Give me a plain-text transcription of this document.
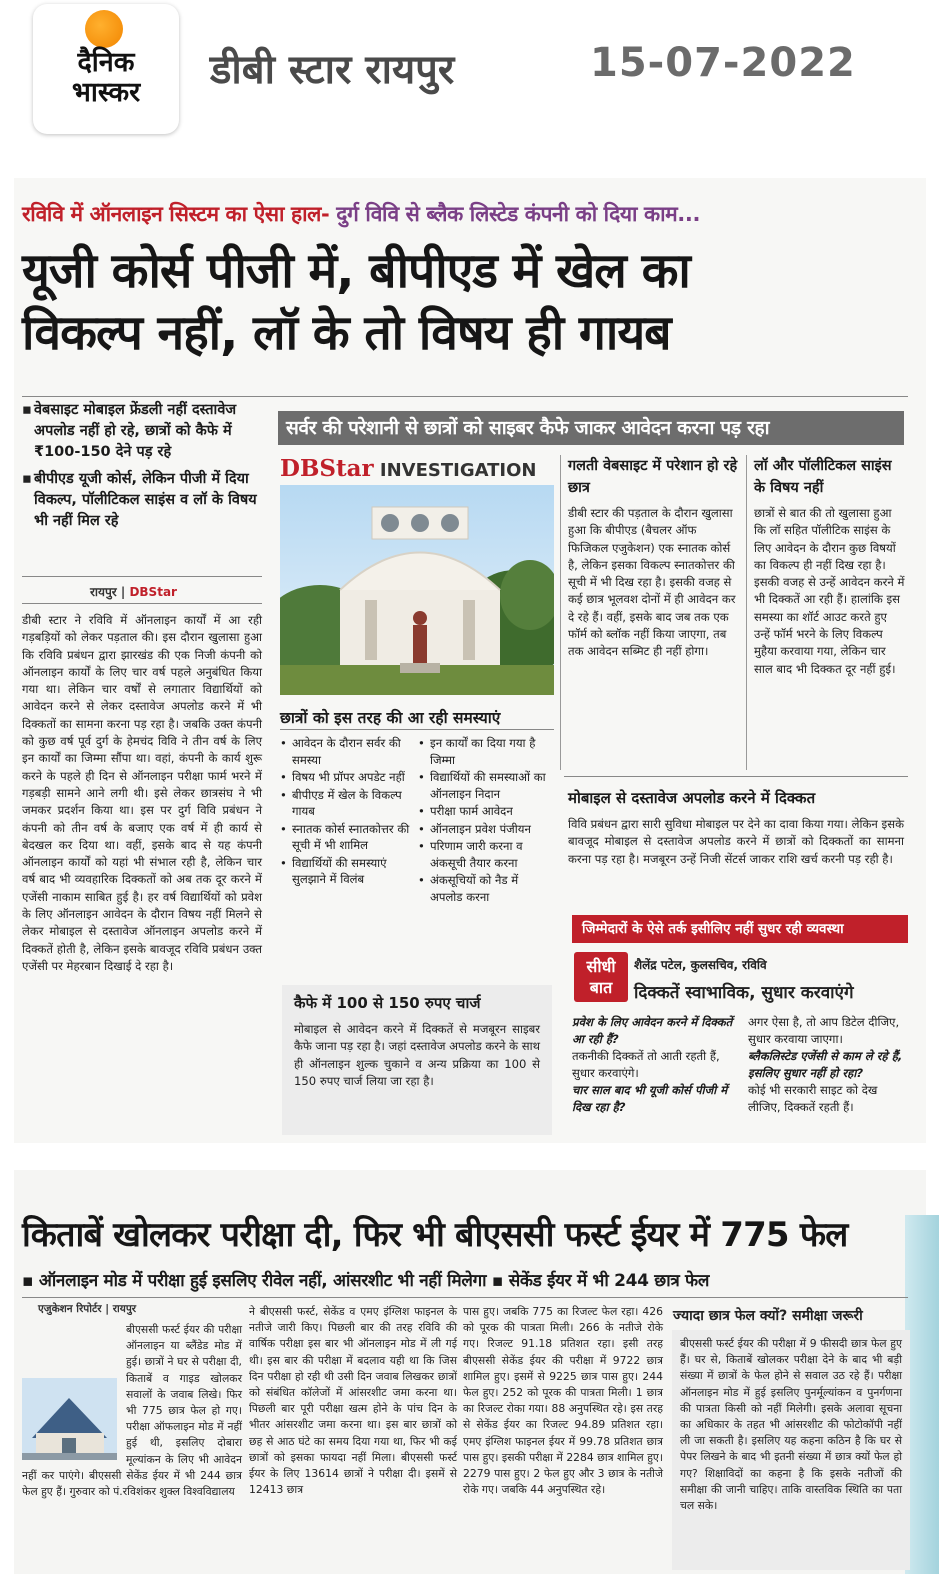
दैनिक
भास्कर	डीबी स्टार रायपुर	15-07-2022
रविवि में ऑनलाइन सिस्टम का ऐसा हाल- दुर्ग विवि से ब्लैक लिस्टेड कंपनी को दिया काम...
यूजी कोर्स पीजी में, बीपीएड में खेल का
विकल्प नहीं, लॉ के तो विषय ही गायब
▪ वेबसाइट मोबाइल फ्रेंडली नहीं दस्तावेज अपलोड नहीं हो रहे, छात्रों को कैफे में ₹100-150 देने पड़ रहे
▪ बीपीएड यूजी कोर्स, लेकिन पीजी में दिया विकल्प, पॉलीटिकल साइंस व लॉ के विषय भी नहीं मिल रहे
रायपुर | DBStar
डीबी स्टार ने रविवि में ऑनलाइन कार्यों में आ रही गड़बड़ियों को लेकर पड़ताल की। इस दौरान खुलासा हुआ कि रविवि प्रबंधन द्वारा झारखंड की एक निजी कंपनी को ऑनलाइन कार्यों के लिए चार वर्ष पहले अनुबंधित किया गया था। लेकिन चार वर्षों से लगातार विद्यार्थियों को आवेदन करने से लेकर दस्तावेज अपलोड करने में भी दिक्कतों का सामना करना पड़ रहा है। जबकि उक्त कंपनी को कुछ वर्ष पूर्व दुर्ग के हेमचंद विवि ने तीन वर्ष के लिए इन कार्यों का जिम्मा सौंपा था। वहां, कंपनी के कार्य शुरू करने के पहले ही दिन से ऑनलाइन परीक्षा फार्म भरने में गड़बड़ी सामने आने लगी थी। इसे लेकर छात्रसंघ ने भी जमकर प्रदर्शन किया था। इस पर दुर्ग विवि प्रबंधन ने कंपनी को तीन वर्ष के बजाए एक वर्ष में ही कार्य से बेदखल कर दिया था। वहीं, इसके बाद से यह कंपनी ऑनलाइन कार्यों को यहां भी संभाल रही है, लेकिन चार वर्ष बाद भी व्यवहारिक दिक्कतों को अब तक दूर करने में एजेंसी नाकाम साबित हुई है। हर वर्ष विद्यार्थियों को प्रवेश के लिए ऑनलाइन आवेदन के दौरान विषय नहीं मिलने से लेकर मोबाइल से दस्तावेज ऑनलाइन अपलोड करने में दिक्कतें होती है, लेकिन इसके बावजूद रविवि प्रबंधन उक्त एजेंसी पर मेहरबान दिखाई दे रहा है।
सर्वर की परेशानी से छात्रों को साइबर कैफे जाकर आवेदन करना पड़ रहा
DBStar INVESTIGATION
छात्रों को इस तरह की आ रही समस्याएं
• आवेदन के दौरान सर्वर की समस्या
• विषय भी प्रॉपर अपडेट नहीं
• बीपीएड में खेल के विकल्प गायब
• स्नातक कोर्स स्नातकोत्तर की सूची में भी शामिल
• विद्यार्थियों की समस्याएं सुलझाने में विलंब
• इन कार्यों का दिया गया है जिम्मा
• विद्यार्थियों की समस्याओं का ऑनलाइन निदान
• परीक्षा फार्म आवेदन
• ऑनलाइन प्रवेश पंजीयन
• परिणाम जारी करना व अंकसूची तैयार करना
• अंकसूचियों को नैड में अपलोड करना
कैफे में 100 से 150 रुपए चार्ज
मोबाइल से आवेदन करने में दिक्कतें से मजबूरन साइबर कैफे जाना पड़ रहा है। जहां दस्तावेज अपलोड करने के साथ ही ऑनलाइन शुल्क चुकाने व अन्य प्रक्रिया का 100 से 150 रुपए चार्ज लिया जा रहा है।
गलती वेबसाइट में परेशान हो रहे छात्र
डीबी स्टार की पड़ताल के दौरान खुलासा हुआ कि बीपीएड (बैचलर ऑफ फिजिकल एजुकेशन) एक स्नातक कोर्स है, लेकिन इसका विकल्प स्नातकोत्तर की सूची में भी दिख रहा है। इसकी वजह से कई छात्र भूलवश दोनों में ही आवेदन कर दे रहे हैं। वहीं, इसके बाद जब तक एक फॉर्म को ब्लॉक नहीं किया जाएगा, तब तक आवेदन सब्मिट ही नहीं होगा।
लॉ और पॉलीटिकल साइंस के विषय नहीं
छात्रों से बात की तो खुलासा हुआ कि लॉ सहित पॉलीटिक साइंस के लिए आवेदन के दौरान कुछ विषयों का विकल्प ही नहीं दिख रहा है। इसकी वजह से उन्हें आवेदन करने में भी दिक्कतें आ रही हैं। हालांकि इस समस्या का शॉर्ट आउट करते हुए उन्हें फॉर्म भरने के लिए विकल्प मुहैया करवाया गया, लेकिन चार साल बाद भी दिक्कत दूर नहीं हुई।
मोबाइल से दस्तावेज अपलोड करने में दिक्कत
विवि प्रबंधन द्वारा सारी सुविधा मोबाइल पर देने का दावा किया गया। लेकिन इसके बावजूद मोबाइल से दस्तावेज अपलोड करने में छात्रों को दिक्कतों का सामना करना पड़ रहा है। मजबूरन उन्हें निजी सेंटर्स जाकर राशि खर्च करनी पड़ रही है।
जिम्मेदारों के ऐसे तर्क इसीलिए नहीं सुधर रही व्यवस्था
सीधी
बात
शैलेंद्र पटेल, कुलसचिव, रविवि
दिक्कतें स्वाभाविक, सुधार करवाएंगे
प्रवेश के लिए आवेदन करने में दिक्कतें आ रही हैं?
तकनीकी दिक्कतें तो आती रहती हैं, सुधार करवाएंगे।
चार साल बाद भी यूजी कोर्स पीजी में दिख रहा है?
अगर ऐसा है, तो आप डिटेल दीजिए, सुधार करवाया जाएगा।
ब्लैकलिस्टेड एजेंसी से काम ले रहे हैं, इसलिए सुधार नहीं हो रहा?
कोई भी सरकारी साइट को देख लीजिए, दिक्कतें रहती हैं।
किताबें खोलकर परीक्षा दी, फिर भी बीएससी फर्स्ट ईयर में 775 फेल
▪ ऑनलाइन मोड में परीक्षा हुई इसलिए रीवेल नहीं, आंसरशीट भी नहीं मिलेगा ▪ सेकेंड ईयर में भी 244 छात्र फेल
एजुकेशन रिपोर्टर | रायपुर
बीएससी फर्स्ट ईयर की परीक्षा ऑनलाइन या ब्लैंडेड मोड में हुई। छात्रों ने घर से परीक्षा दी, किताबें व गाइड खोलकर सवालों के जवाब लिखे। फिर भी 775 छात्र फेल हो गए। परीक्षा ऑफलाइन मोड में नहीं हुई थी, इसलिए दोबारा मूल्यांकन के लिए भी आवेदन नहीं कर पाएंगे। बीएससी सेकेंड ईयर में भी 244 छात्र फेल हुए हैं। गुरुवार को पं.रविशंकर शुक्ल विश्वविद्यालय
ने बीएससी फर्स्ट, सेकेंड व एमए इंग्लिश फाइनल के नतीजे जारी किए। पिछली बार की तरह रविवि की वार्षिक परीक्षा इस बार भी ऑनलाइन मोड में ली गई थी। इस बार की परीक्षा में बदलाव यही था कि जिस दिन परीक्षा हो रही थी उसी दिन जवाब लिखकर छात्रों को संबंधित कॉलेजों में आंसरशीट जमा करना था। पिछली बार पूरी परीक्षा खत्म होने के पांच दिन के भीतर आंसरशीट जमा करना था। इस बार छात्रों को छह से आठ घंटे का समय दिया गया था, फिर भी कई छात्रों को इसका फायदा नहीं मिला। बीएससी फर्स्ट ईयर के लिए 13614 छात्रों ने परीक्षा दी। इसमें से 12413 छात्र
पास हुए। जबकि 775 का रिजल्ट फेल रहा। 426 को पूरक की पात्रता मिली। 266 के नतीजे रोके गए। रिजल्ट 91.18 प्रतिशत रहा। इसी तरह बीएससी सेकेंड ईयर की परीक्षा में 9722 छात्र शामिल हुए। इसमें से 9225 छात्र पास हुए। 244 फेल हुए। 252 को पूरक की पात्रता मिली। 1 छात्र का रिजल्ट रोका गया। 88 अनुपस्थित रहे। इस तरह से सेकेंड ईयर का रिजल्ट 94.89 प्रतिशत रहा। एमए इंग्लिश फाइनल ईयर में 99.78 प्रतिशत छात्र पास हुए। इसकी परीक्षा में 2284 छात्र शामिल हुए। 2279 पास हुए। 2 फेल हुए और 3 छात्र के नतीजे रोके गए। जबकि 44 अनुपस्थित रहे।
ज्यादा छात्र फेल क्यों? समीक्षा जरूरी
बीएससी फर्स्ट ईयर की परीक्षा में 9 फीसदी छात्र फेल हुए हैं। घर से, किताबें खोलकर परीक्षा देने के बाद भी बड़ी संख्या में छात्रों के फेल होने से सवाल उठ रहे हैं। परीक्षा ऑनलाइन मोड में हुई इसलिए पुनर्मूल्यांकन व पुनर्गणना की पात्रता किसी को नहीं मिलेगी। इसके अलावा सूचना का अधिकार के तहत भी आंसरशीट की फोटोकॉपी नहीं ली जा सकती है। इसलिए यह कहना कठिन है कि घर से पेपर लिखने के बाद भी इतनी संख्या में छात्र क्यों फेल हो गए? शिक्षाविदों का कहना है कि इसके नतीजों की समीक्षा की जानी चाहिए। ताकि वास्तविक स्थिति का पता चल सके।
